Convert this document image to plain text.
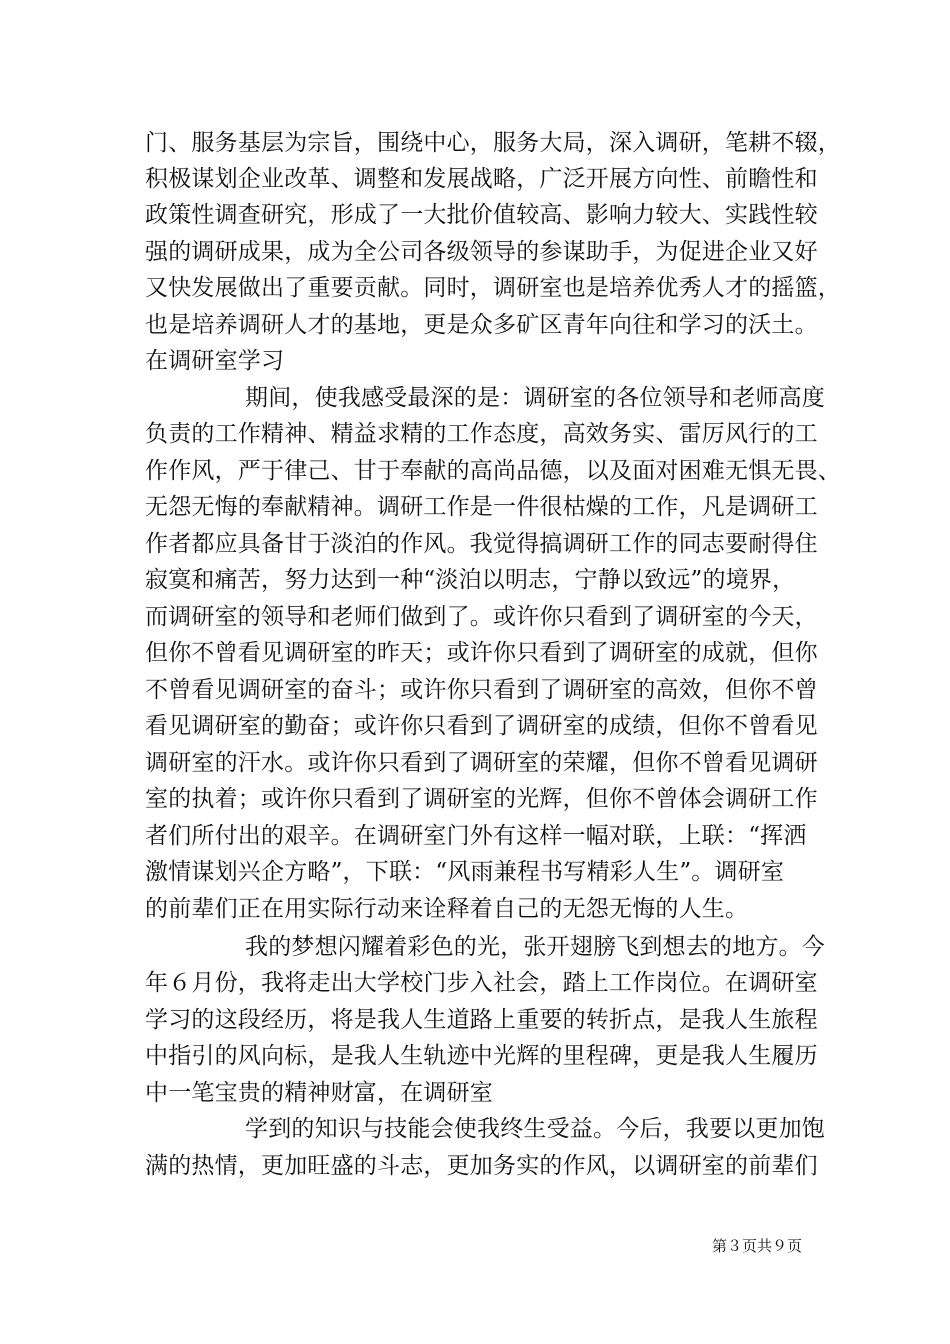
门、服务基层为宗旨，围绕中心，服务大局，深入调研，笔耕不辍，
积极谋划企业改革、调整和发展战略，广泛开展方向性、前瞻性和
政策性调查研究，形成了一大批价值较高、影响力较大、实践性较
强的调研成果，成为全公司各级领导的参谋助手，为促进企业又好
又快发展做出了重要贡献。同时，调研室也是培养优秀人才的摇篮，
也是培养调研人才的基地，更是众多矿区青年向往和学习的沃土。
在调研室学习
期间，使我感受最深的是：调研室的各位领导和老师高度
负责的工作精神、精益求精的工作态度，高效务实、雷厉风行的工
作作风，严于律己、甘于奉献的高尚品德，以及面对困难无惧无畏、
无怨无悔的奉献精神。调研工作是一件很枯燥的工作，凡是调研工
作者都应具备甘于淡泊的作风。我觉得搞调研工作的同志要耐得住
寂寞和痛苦，努力达到一种“淡泊以明志，宁静以致远”的境界，
而调研室的领导和老师们做到了。或许你只看到了调研室的今天，
但你不曾看见调研室的昨天；或许你只看到了调研室的成就，但你
不曾看见调研室的奋斗；或许你只看到了调研室的高效，但你不曾
看见调研室的勤奋；或许你只看到了调研室的成绩，但你不曾看见
调研室的汗水。或许你只看到了调研室的荣耀，但你不曾看见调研
室的执着；或许你只看到了调研室的光辉，但你不曾体会调研工作
者们所付出的艰辛。在调研室门外有这样一幅对联，上联：“挥洒
激情谋划兴企方略”，下联：“风雨兼程书写精彩人生”。调研室
的前辈们正在用实际行动来诠释着自己的无怨无悔的人生。
我的梦想闪耀着彩色的光，张开翅膀飞到想去的地方。今
年６月份，我将走出大学校门步入社会，踏上工作岗位。在调研室
学习的这段经历，将是我人生道路上重要的转折点，是我人生旅程
中指引的风向标，是我人生轨迹中光辉的里程碑，更是我人生履历
中一笔宝贵的精神财富，在调研室
学到的知识与技能会使我终生受益。今后，我要以更加饱
满的热情，更加旺盛的斗志，更加务实的作风，以调研室的前辈们
第３页共９页
